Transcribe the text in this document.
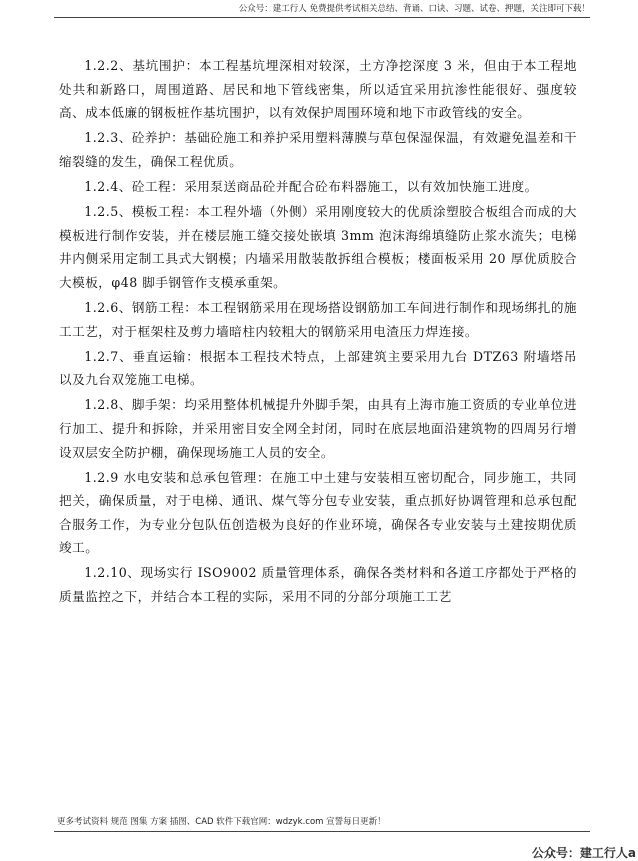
公众号：建工行人 免费提供考试相关总结、背诵、口诀、习题、试卷、押题，关注即可下载！

1.2.2、基坑围护：本工程基坑埋深相对较深，土方净挖深度 3 米，但由于本工程地处共和新路口，周围道路、居民和地下管线密集，所以适宜采用抗渗性能很好、强度较高、成本低廉的钢板桩作基坑围护，以有效保护周围环境和地下市政管线的安全。

1.2.3、砼养护：基础砼施工和养护采用塑料薄膜与草包保湿保温，有效避免温差和干缩裂缝的发生，确保工程优质。

1.2.4、砼工程：采用泵送商品砼并配合砼布料器施工，以有效加快施工进度。

1.2.5、模板工程：本工程外墙（外侧）采用刚度较大的优质涂塑胶合板组合而成的大模板进行制作安装，并在楼层施工缝交接处嵌填 3mm 泡沫海绵填缝防止浆水流失；电梯井内侧采用定制工具式大钢模；内墙采用散装散拆组合模板；楼面板采用 20 厚优质胶合大模板，φ48 脚手钢管作支模承重架。

1.2.6、钢筋工程：本工程钢筋采用在现场搭设钢筋加工车间进行制作和现场绑扎的施工工艺，对于框架柱及剪力墙暗柱内较粗大的钢筋采用电渣压力焊连接。

1.2.7、垂直运输：根据本工程技术特点，上部建筑主要采用九台 DTZ63 附墙塔吊以及九台双笼施工电梯。

1.2.8、脚手架：均采用整体机械提升外脚手架，由具有上海市施工资质的专业单位进行加工、提升和拆除，并采用密目安全网全封闭，同时在底层地面沿建筑物的四周另行增设双层安全防护棚，确保现场施工人员的安全。

1.2.9 水电安装和总承包管理：在施工中土建与安装相互密切配合，同步施工，共同把关，确保质量，对于电梯、通讯、煤气等分包专业安装，重点抓好协调管理和总承包配合服务工作，为专业分包队伍创造极为良好的作业环境，确保各专业安装与土建按期优质竣工。

1.2.10、现场实行 ISO9002 质量管理体系，确保各类材料和各道工序都处于严格的质量监控之下，并结合本工程的实际，采用不同的分部分项施工工艺

更多考试资料 规范 图集 方案 插图、CAD 软件下载官网：wdzyk.com 宣誓每日更新！
公众号：建工行人a
